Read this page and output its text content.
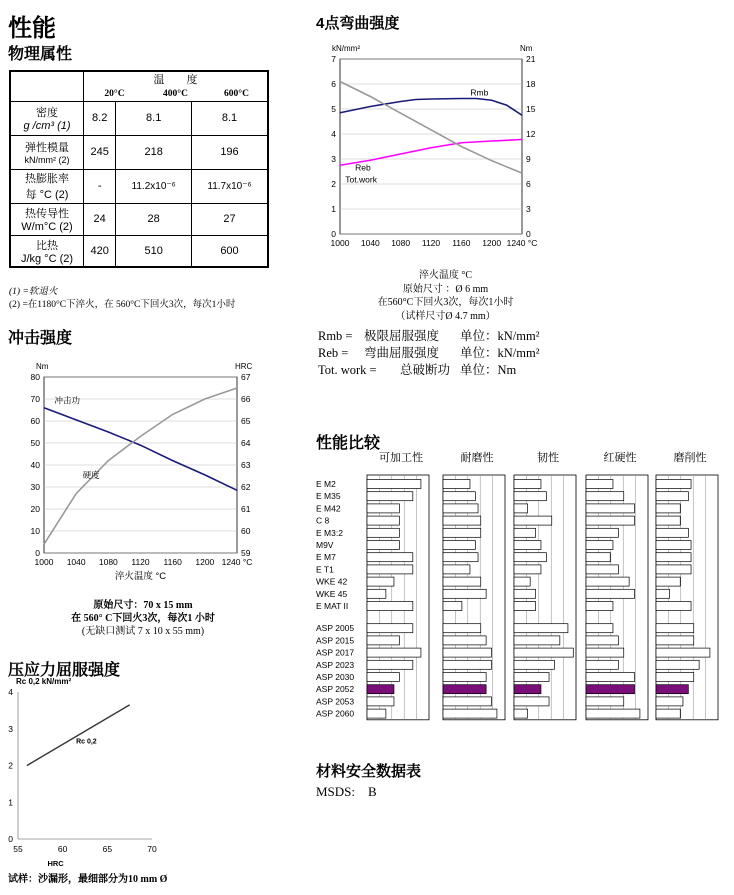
性能
物理属性

	温　　度
20°C 400°C 600°C		

密度
g /cm³ (1)	8.2	8.1	8.1

弹性模量
kN/mm² (2)	245	218	196

热膨胀率
每 °C (2)	-	11.2x10⁻⁶	11.7x10⁻⁶

热传导性
W/m°C (2)	24	28	27

比热
J/kg °C (2)	420	510	600
(1) =软退火
(2) =在1180°C下淬火，在 560°C下回火3次，每次1小时
冲击强度
0
10
20
30
40
50
60
70
80
59
60
61
62
63
64
65
66
67
1000 1040 1080 1120 1160 1200 1240 °C
Nm	HRC
冲击功
硬度
淬火温度 °C
原始尺寸：70 x 15 mm
在 560° C下回火3次，每次1 小时
(无缺口测试 7 x 10 x 55 mm)
压应力屈服强度
0
1
2
3
4
55	60	65	70
Rc 0,2 kN/mm²
HRC
Rc 0,2
试样：沙漏形，最细部分为10 mm Ø
4点弯曲强度
0
1
2
3
4
5
6
7
0
3
6
9
12
15
18
21
1000 1040 1080 1120 1160 1200 1240 °C
kN/mm²	Nm
Rmb
Reb
Tot.work
淬火温度 °C
原始尺寸 ：Ø 6 mm
在560°C下回火3次，每次1小时
（试样尺寸Ø 4.7 mm）
Rmb = 极限屈服强度 单位：kN/mm²
Reb = 弯曲屈服强度 单位：kN/mm²
Tot. work = 总破断功 单位：Nm
性能比较
可加工性	耐磨性	韧性	红硬性	磨削性
E M2
E M35
E M42
C 8
E M3:2
M9V
E M7
E T1
WKE 42
WKE 45
E MAT II
ASP 2005
ASP 2015
ASP 2017
ASP 2023
ASP 2030
ASP 2052
ASP 2053
ASP 2060
材料安全数据表
MSDS:    B
